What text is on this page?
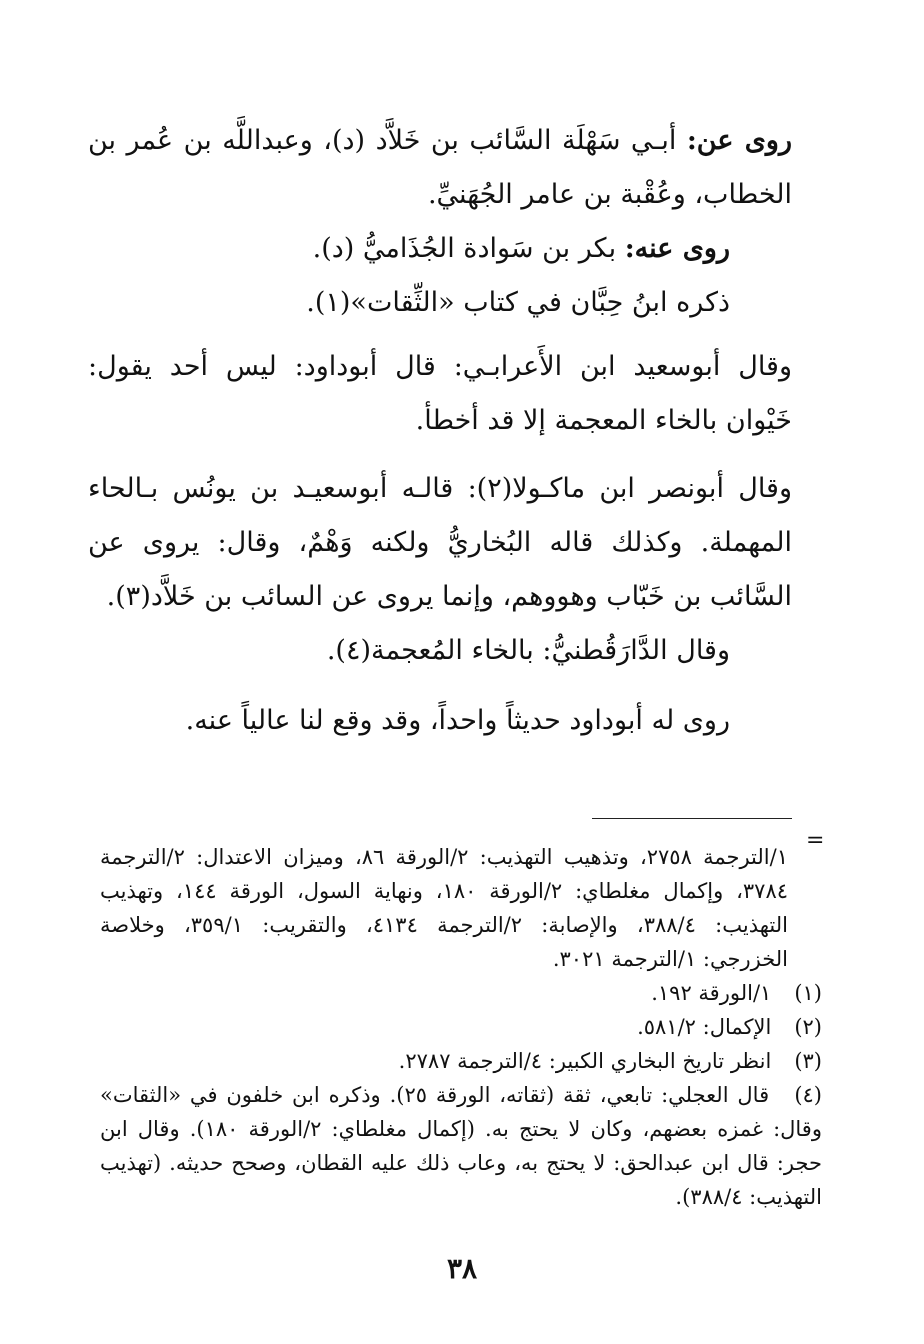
روى عن: أبـي سَهْلَة السَّائب بن خَلاَّد (د)، وعبداللَّه بن عُمر بن الخطاب، وعُقْبة بن عامر الجُهَنيِّ.

روى عنه: بكر بن سَوادة الجُذَاميُّ (د).

ذكره ابنُ حِبَّان في كتاب «الثِّقات»(١).

وقال أبوسعيد ابن الأَعرابـي: قال أبوداود: ليس أحد يقول: خَيْوان بالخاء المعجمة إلا قد أخطأ.

وقال أبونصر ابن ماكـولا(٢): قالـه أبوسعيـد بن يونُس بـالحاء المهملة. وكذلك قاله البُخاريُّ ولكنه وَهْمٌ، وقال: يروى عن السَّائب بن خَبّاب وهووهم، وإنما يروى عن السائب بن خَلاَّد(٣).

وقال الدَّارَقُطنيُّ: بالخاء المُعجمة(٤).

روى له أبوداود حديثاً واحداً، وقد وقع لنا عالياً عنه.

=

١/الترجمة ٢٧٥٨، وتذهيب التهذيب: ٢/الورقة ٨٦، وميزان الاعتدال: ٢/الترجمة ٣٧٨٤، وإكمال مغلطاي: ٢/الورقة ١٨٠، ونهاية السول، الورقة ١٤٤، وتهذيب التهذيب: ٣٨٨/٤، والإصابة: ٢/الترجمة ٤١٣٤، والتقريب: ٣٥٩/١، وخلاصة الخزرجي: ١/الترجمة ٣٠٢١.

(١) ١/الورقة ١٩٢.

(٢) الإكمال: ٥٨١/٢.

(٣) انظر تاريخ البخاري الكبير: ٤/الترجمة ٢٧٨٧.

(٤) قال العجلي: تابعي، ثقة (ثقاته، الورقة ٢٥). وذكره ابن خلفون في «الثقات» وقال: غمزه بعضهم، وكان لا يحتج به. (إكمال مغلطاي: ٢/الورقة ١٨٠). وقال ابن حجر: قال ابن عبدالحق: لا يحتج به، وعاب ذلك عليه القطان، وصحح حديثه. (تهذيب التهذيب: ٣٨٨/٤).

٣٨
